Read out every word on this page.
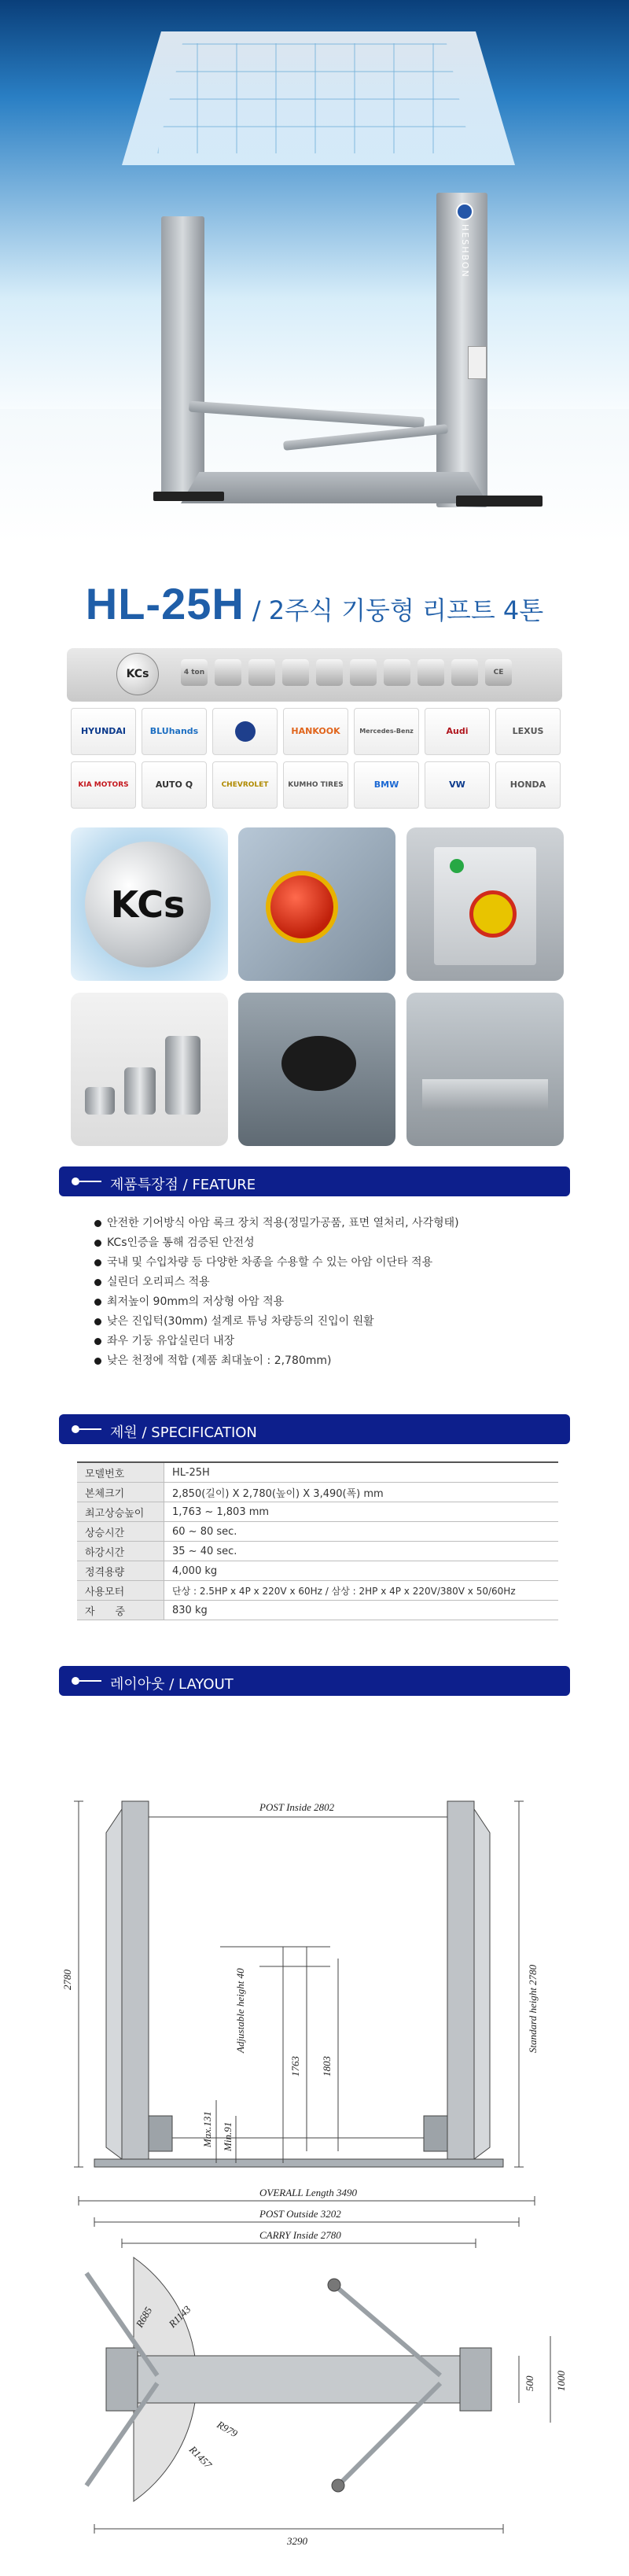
HESHBON
HL-25H / 2주식 기둥형 리프트 4톤
KCs	4 ton	CE
HYUNDAI	BLUhands	HANKOOK	Mercedes-Benz	Audi	LEXUS
KIA MOTORS	AUTO Q	CHEVROLET	KUMHO TIRES	BMW	VW	HONDA
KCs
제품특장점 / FEATURE
안전한 기어방식 아암 록크 장치 적용(정밀가공품, 표면 열처리, 사각형태)
KCs인증을 통해 검증된 안전성
국내 및 수입차량 등 다양한 차종을 수용할 수 있는 아암 이단타 적용
실린더 오리피스 적용
최저높이 90mm의 저상형 아암 적용
낮은 진입턱(30mm) 설계로 튜닝 차량등의 진입이 원활
좌우 기둥 유압실린더 내장
낮은 천정에 적합 (제품 최대높이 : 2,780mm)
제원 / SPECIFICATION
모델번호	HL-25H
본체크기	2,850(길이) X 2,780(높이) X 3,490(폭) mm
최고상승높이	1,763 ~ 1,803 mm
상승시간	60 ~ 80 sec.
하강시간	35 ~ 40 sec.
정격용량	4,000 kg
사용모터	단상 : 2.5HP x 4P x 220V x 60Hz / 삼상 : 2HP x 4P x 220V/380V x 50/60Hz
자　　중	830 kg
레이아웃 / LAYOUT
POST Inside 2802
2780	Standard height 2780
Adjustable height 40
1763 1803
Max.131 Min.91
OVERALL Length 3490
POST Outside 3202
CARRY Inside 2780
R685 R1143
R979
R1457
500 1000
3290
